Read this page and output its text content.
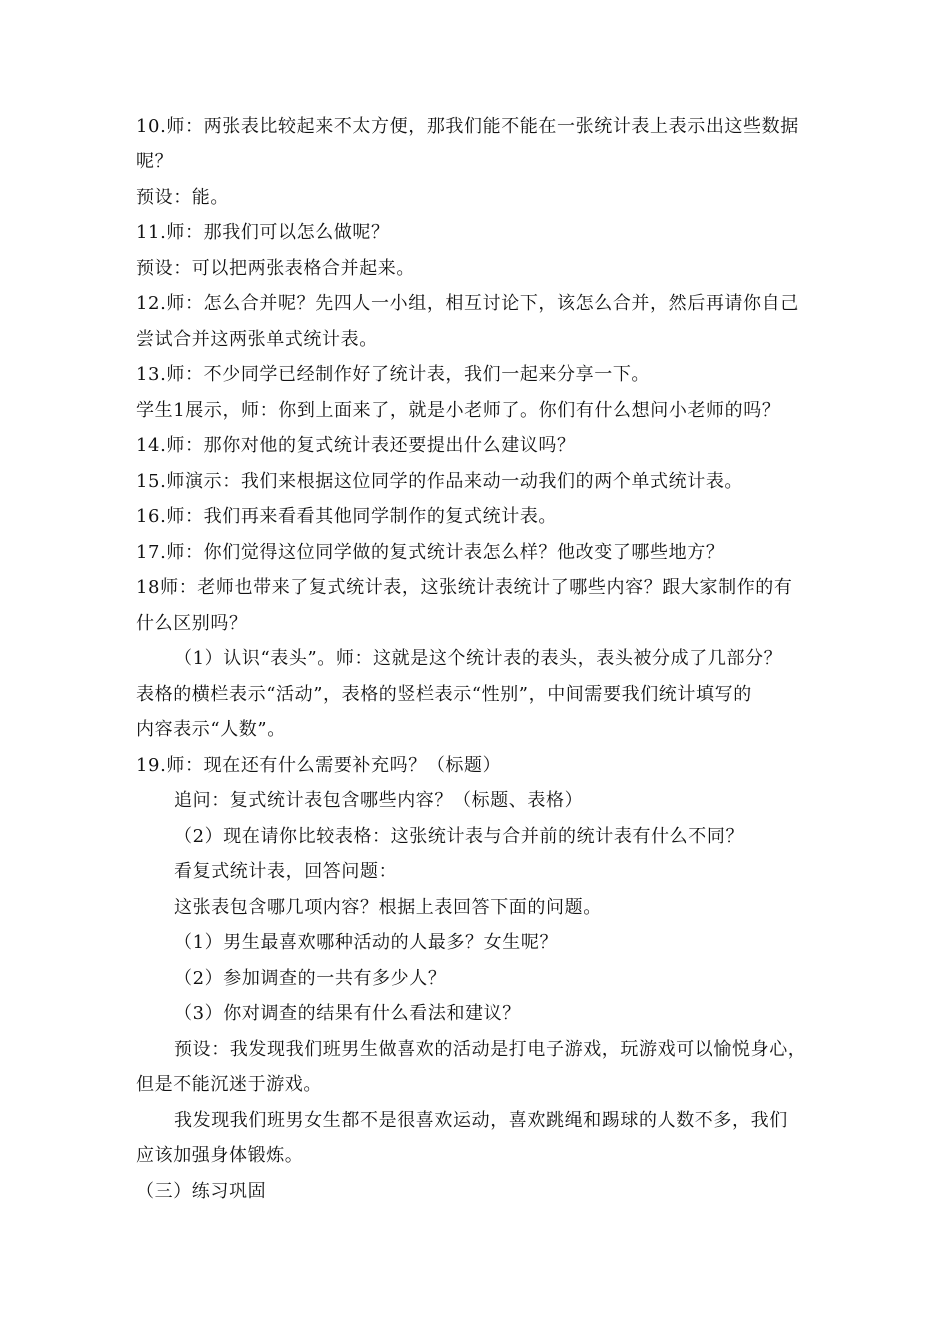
10.师：两张表比较起来不太方便，那我们能不能在一张统计表上表示出这些数据
呢？
预设：能。
11.师：那我们可以怎么做呢？
预设：可以把两张表格合并起来。
12.师：怎么合并呢？先四人一小组，相互讨论下，该怎么合并，然后再请你自己
尝试合并这两张单式统计表。
13.师：不少同学已经制作好了统计表，我们一起来分享一下。
学生1展示，师：你到上面来了，就是小老师了。你们有什么想问小老师的吗？
14.师：那你对他的复式统计表还要提出什么建议吗？
15.师演示：我们来根据这位同学的作品来动一动我们的两个单式统计表。
16.师：我们再来看看其他同学制作的复式统计表。
17.师：你们觉得这位同学做的复式统计表怎么样？他改变了哪些地方？
18师：老师也带来了复式统计表，这张统计表统计了哪些内容？跟大家制作的有
什么区别吗？
（1）认识“表头”。师：这就是这个统计表的表头，表头被分成了几部分？
表格的横栏表示“活动”，表格的竖栏表示“性别”，中间需要我们统计填写的
内容表示“人数”。
19.师：现在还有什么需要补充吗？（标题）
追问：复式统计表包含哪些内容？（标题、表格）
（2）现在请你比较表格：这张统计表与合并前的统计表有什么不同？
看复式统计表，回答问题：
这张表包含哪几项内容？根据上表回答下面的问题。
（1）男生最喜欢哪种活动的人最多？女生呢？
（2）参加调查的一共有多少人？
（3）你对调查的结果有什么看法和建议？
预设：我发现我们班男生做喜欢的活动是打电子游戏，玩游戏可以愉悦身心，
但是不能沉迷于游戏。
我发现我们班男女生都不是很喜欢运动，喜欢跳绳和踢球的人数不多，我们
应该加强身体锻炼。
（三）练习巩固
